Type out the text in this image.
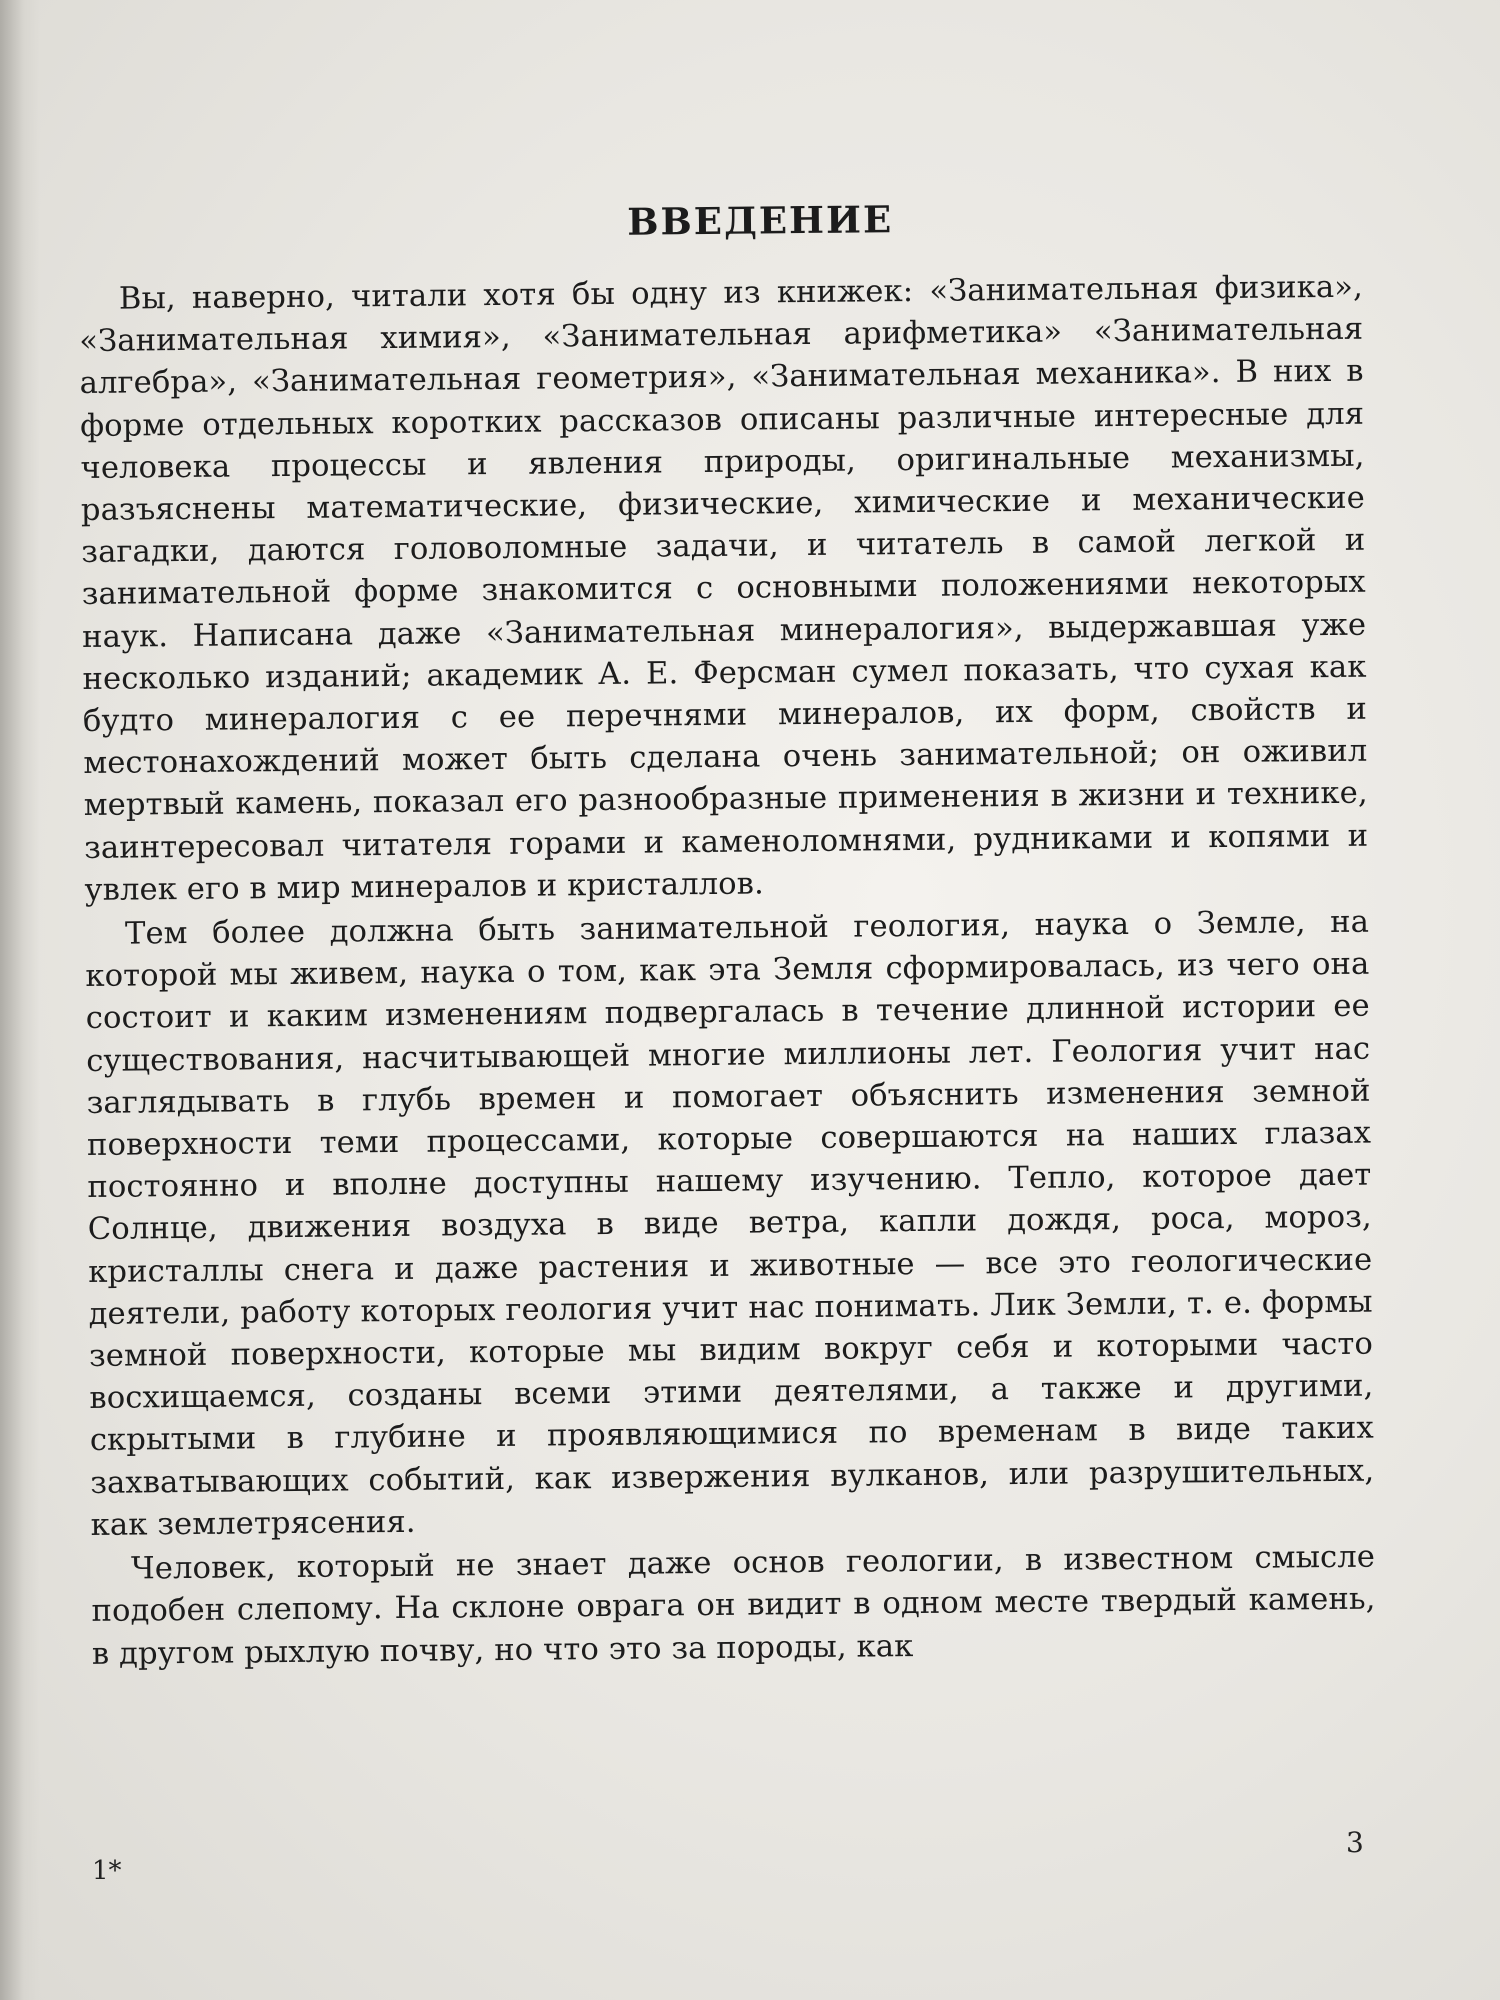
ВВЕДЕНИЕ

Вы, наверно, читали хотя бы одну из книжек: «Занимательная физика», «Занимательная химия», «Занимательная арифметика» «Занимательная алгебра», «Занимательная геометрия», «Занимательная механика». В них в форме отдельных коротких рассказов описаны различные интересные для человека процессы и явления природы, оригинальные механизмы, разъяснены математические, физические, химические и механические загадки, даются головоломные задачи, и читатель в самой легкой и занимательной форме знакомится с основными положениями некоторых наук. Написана даже «Занимательная минералогия», выдержавшая уже несколько изданий; академик А. Е. Ферсман сумел показать, что сухая как будто минералогия с ее перечнями минералов, их форм, свойств и местонахождений может быть сделана очень занимательной; он оживил мертвый камень, показал его разнообразные применения в жизни и технике, заинтересовал читателя горами и каменоломнями, рудниками и копями и увлек его в мир минералов и кристаллов.

Тем более должна быть занимательной геология, наука о Земле, на которой мы живем, наука о том, как эта Земля сформировалась, из чего она состоит и каким изменениям подвергалась в течение длинной истории ее существования, насчитывающей многие миллионы лет. Геология учит нас заглядывать в глубь времен и помогает объяснить изменения земной поверхности теми процессами, которые совершаются на наших глазах постоянно и вполне доступны нашему изучению. Тепло, которое дает Солнце, движения воздуха в виде ветра, капли дождя, роса, мороз, кристаллы снега и даже растения и животные — все это геологические деятели, работу которых геология учит нас понимать. Лик Земли, т. е. формы земной поверхности, которые мы видим вокруг себя и которыми часто восхищаемся, созданы всеми этими деятелями, а также и другими, скрытыми в глубине и проявляющимися по временам в виде таких захватывающих событий, как извержения вулканов, или разрушительных, как землетрясения.

Человек, который не знает даже основ геологии, в известном смысле подобен слепому. На склоне оврага он видит в одном месте твердый камень, в другом рыхлую почву, но что это за породы, как

1*
3
